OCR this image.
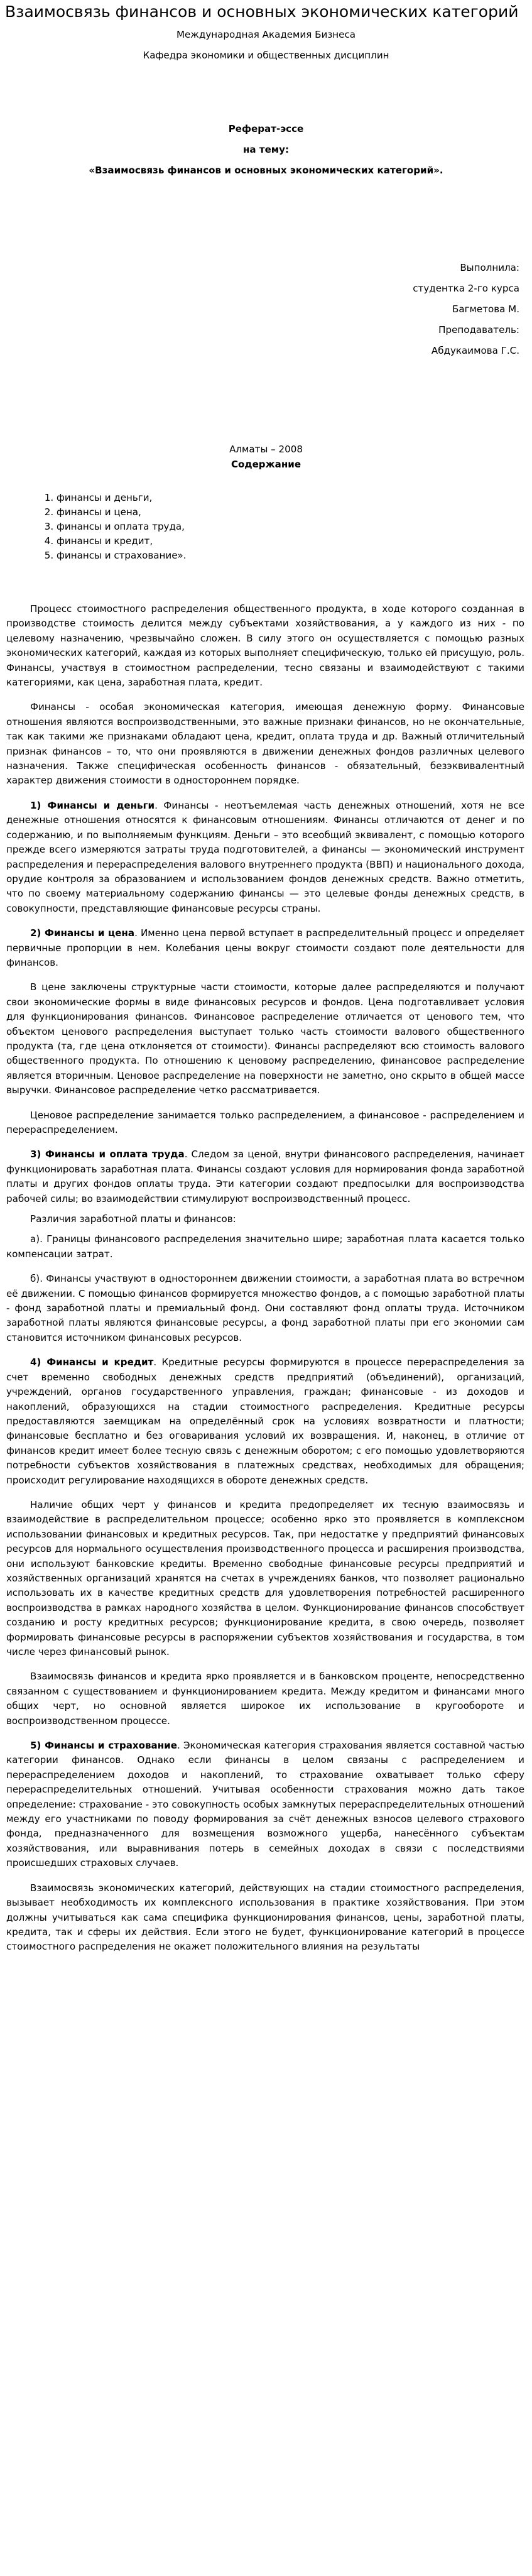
Взаимосвязь финансов и основных экономических категорий
Международная Академия Бизнеса
Кафедра экономики и общественных дисциплин
Реферат-эссе
на тему:
«Взаимосвязь финансов и основных экономических категорий».
Выполнила:
студентка 2-го курса
Багметова М.
Преподаватель:
Абдукаимова Г.С.
Алматы – 2008
Содержание
1. финансы и деньги,
2. финансы и цена,
3. финансы и оплата труда,
4. финансы и кредит,
5. финансы и страхование».

Процесс стоимостного распределения общественного продукта, в ходе которого созданная в производстве стоимость делится между субъектами хозяйствования, а у каждого из них - по целевому назначению, чрезвычайно сложен. В силу этого он осуществляется с помощью разных экономических категорий, каждая из которых выполняет специфическую, только ей присущую, роль. Финансы, участвуя в стоимостном распределении, тесно связаны и взаимодействуют с такими категориями, как цена, заработная плата, кредит.

Финансы - особая экономическая категория, имеющая денежную форму. Финансовые отношения являются воспроизводственными, это важные признаки финансов, но не окончательные, так как такими же признаками обладают цена, кредит, оплата труда и др. Важный отличительный признак финансов – то, что они проявляются в движении денежных фондов различных целевого назначения. Также специфическая особенность финансов - обязательный, безэквивалентный характер движения стоимости в одностороннем порядке.

1) Финансы и деньги. Финансы - неотъемлемая часть денежных отношений, хотя не все денежные отношения относятся к финансовым отношениям. Финансы отличаются от денег и по содержанию, и по выполняемым функциям. Деньги – это всеобщий эквивалент, с помощью которого прежде всего измеряются затраты труда подготовителей, а финансы — экономический инструмент распределения и перераспределения валового внутреннего продукта (ВВП) и национального дохода, орудие контроля за образованием и использованием фондов денежных средств. Важно отметить, что по своему материальному содержанию финансы — это целевые фонды денежных средств, в совокупности, представляющие финансовые ресурсы страны.

2) Финансы и цена. Именно цена первой вступает в распределительный процесс и определяет первичные пропорции в нем. Колебания цены вокруг стоимости создают поле деятельности для финансов.

В цене заключены структурные части стоимости, которые далее распределяются и получают свои экономические формы в виде финансовых ресурсов и фондов. Цена подготавливает условия для функционирования финансов. Финансовое распределение отличается от ценового тем, что объектом ценового распределения выступает только часть стоимости валового общественного продукта (та, где цена отклоняется от стоимости). Финансы распределяют всю стоимость валового общественного продукта. По отношению к ценовому распределению, финансовое распределение является вторичным. Ценовое распределение на поверхности не заметно, оно скрыто в общей массе выручки. Финансовое распределение четко рассматривается.

Ценовое распределение занимается только распределением, а финансовое - распределением и перераспределением.

3) Финансы и оплата труда. Следом за ценой, внутри финансового распределения, начинает функционировать заработная плата. Финансы создают условия для нормирования фонда заработной платы и других фондов оплаты труда. Эти категории создают предпосылки для воспроизводства рабочей силы; во взаимодействии стимулируют воспроизводственный процесс.

Различия заработной платы и финансов:

а). Границы финансового распределения значительно шире; заработная плата касается только компенсации затрат.

б). Финансы участвуют в одностороннем движении стоимости, а заработная плата во встречном её движении. С помощью финансов формируется множество фондов, а с помощью заработной платы - фонд заработной платы и премиальный фонд. Они составляют фонд оплаты труда. Источником заработной платы являются финансовые ресурсы, а фонд заработной платы при его экономии сам становится источником финансовых ресурсов.

4) Финансы и кредит. Кредитные ресурсы формируются в процессе перераспределения за счет временно свободных денежных средств предприятий (объединений), организаций, учреждений, органов государственного управления, граждан; финансовые - из доходов и накоплений, образующихся на стадии стоимостного распределения. Кредитные ресурсы предоставляются заемщикам на определённый срок на условиях возвратности и платности; финансовые бесплатно и без оговаривания условий их возвращения. И, наконец, в отличие от финансов кредит имеет более тесную связь с денежным оборотом; с его помощью удовлетворяются потребности субъектов хозяйствования в платежных средствах, необходимых для обращения; происходит регулирование находящихся в обороте денежных средств.

Наличие общих черт у финансов и кредита предопределяет их тесную взаимосвязь и взаимодействие в распределительном процессе; особенно ярко это проявляется в комплексном использовании финансовых и кредитных ресурсов. Так, при недостатке у предприятий финансовых ресурсов для нормального осуществления производственного процесса и расширения производства, они используют банковские кредиты. Временно свободные финансовые ресурсы предприятий и хозяйственных организаций хранятся на счетах в учреждениях банков, что позволяет рационально использовать их в качестве кредитных средств для удовлетворения потребностей расширенного воспроизводства в рамках народного хозяйства в целом. Функционирование финансов способствует созданию и росту кредитных ресурсов; функционирование кредита, в свою очередь, позволяет формировать финансовые ресурсы в распоряжении субъектов хозяйствования и государства, в том числе через финансовый рынок.

Взаимосвязь финансов и кредита ярко проявляется и в банковском проценте, непосредственно связанном с существованием и функционированием кредита. Между кредитом и финансами много общих черт, но основной является широкое их использование в кругообороте и воспроизводственном процессе.

5) Финансы и страхование. Экономическая категория страхования является составной частью категории финансов. Однако если финансы в целом связаны с распределением и перераспределением доходов и накоплений, то страхование охватывает только сферу перераспределительных отношений. Учитывая особенности страхования можно дать такое определение: страхование - это совокупность особых замкнутых перераспределительных отношений между его участниками по поводу формирования за счёт денежных взносов целевого страхового фонда, предназначенного для возмещения возможного ущерба, нанесённого субъектам хозяйствования, или выравнивания потерь в семейных доходах в связи с последствиями происшедших страховых случаев.

Взаимосвязь экономических категорий, действующих на стадии стоимостного распределения, вызывает необходимость их комплексного использования в практике хозяйствования. При этом должны учитываться как сама специфика функционирования финансов, цены, заработной платы, кредита, так и сферы их действия. Если этого не будет, функционирование категорий в процессе стоимостного распределения не окажет положительного влияния на результаты
